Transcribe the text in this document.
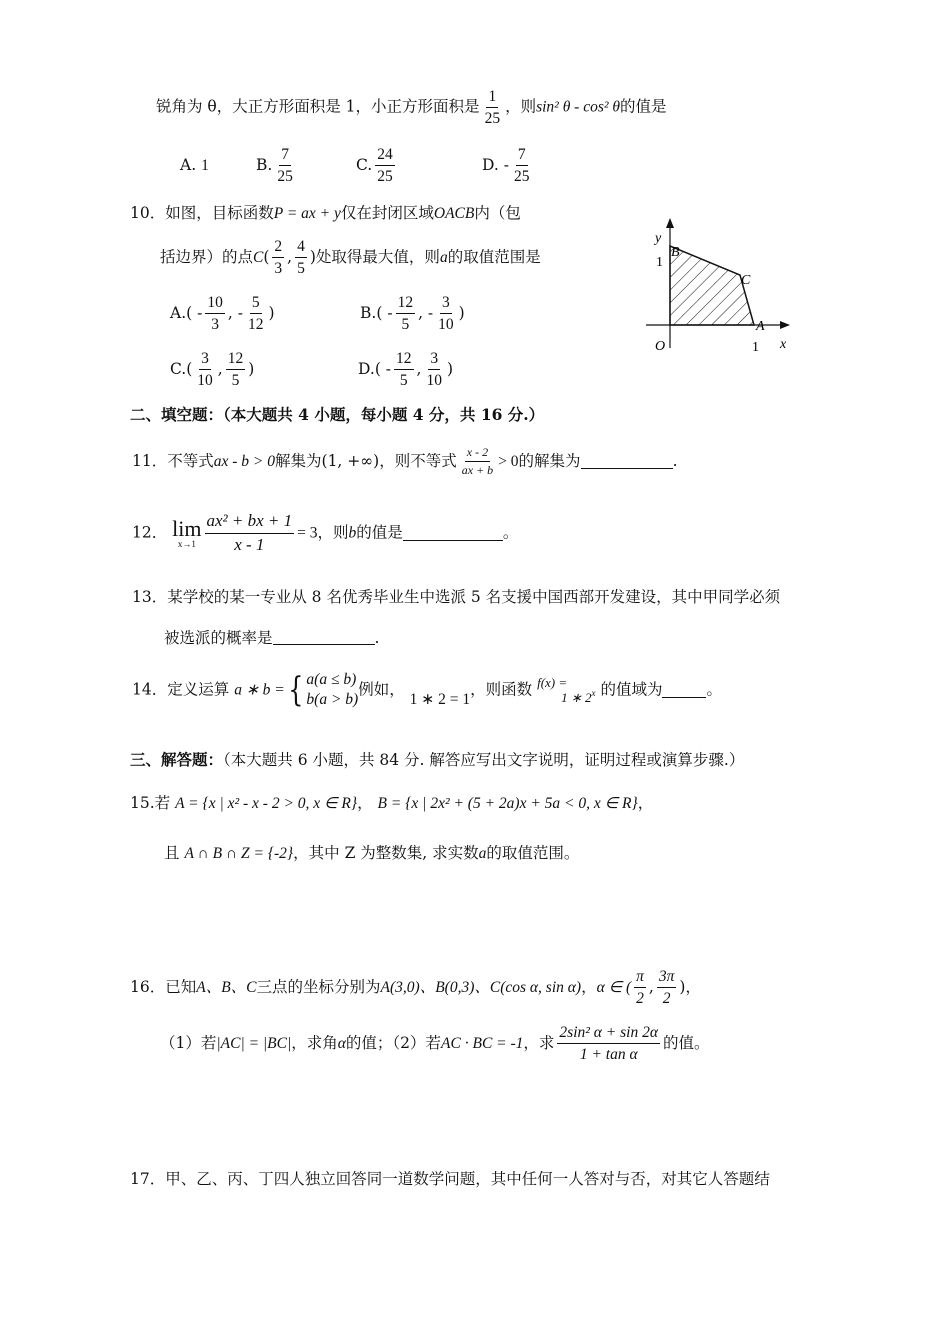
锐角为 θ，大正方形面积是 1，小正方形面积是 $\frac{1}{25}$ ，则sin² θ - cos² θ的值是
A. 1	B. $\frac{7}{25}$	C. $\frac{24}{25}$	D. - $\frac{7}{25}$
10．如图，目标函数P = ax + y仅在封闭区域OACB内（包
括边界）的点$C( \frac{2}{3}$ , $\frac{4}{5}$ )处取得最大值，则a的取值范围是
$A.( - \frac{10}{3}$ , - $\frac{5}{12}$ )	$B.( - \frac{12}{5}$ , - $\frac{3}{10}$ )
$C.( \frac{3}{10}$ , $\frac{12}{5}$ )	$D.( - \frac{12}{5}$ , $\frac{3}{10}$ )
y
B
1
C
A
O	1 x
二、填空题：（本大题共 4 小题，每小题 4 分，共 16 分.）
11．不等式ax - b > 0解集为(1, +∞)，则不等式 $\frac{x - 2}{ax + b} > 0$的解集为	.
12． lim
$x\to 1 \frac{\text{ax² + bx + 1}}{x - 1} = 3$，则b的值是	。
13．某学校的某一专业从 8 名优秀毕业生中选派 5 名支援中国西部开发建设，其中甲同学必须
被选派的概率是	.
14．定义运算 a ∗ b ={ a(a ≤ b)
b(a > b)
例如， 1 ∗ 2 = 1，则函数 f(x) =
1 ∗ 2$^x$ 的值域为	。
三、解答题：（本大题共 6 小题，共 84 分. 解答应写出文字说明，证明过程或演算步骤.）
15.若 A = {x | x² - x - 2 > 0, x ∈ R}， B = {x | 2x² + (5 + 2a)x + 5a < 0, x ∈ R}，
且 A ∩ B ∩ Z = {-2}，其中 Z 为整数集, 求实数a的取值范围。
16．已知A、B、C三点的坐标分别为A(3,0)、B(0,3)、C(cos α, sin α)，α ∈ ( $\frac{\pi}{2}$ , $\frac{3\pi}{2}$ )，
（1）若|AC| = |BC|，求角α的值；（2）若AC · BC = -1，求 $\frac{\text{2sin² α + sin 2α}}{\text{1 + tan α}}$ 的值。
17．甲、乙、丙、丁四人独立回答同一道数学问题，其中任何一人答对与否，对其它人答题结
